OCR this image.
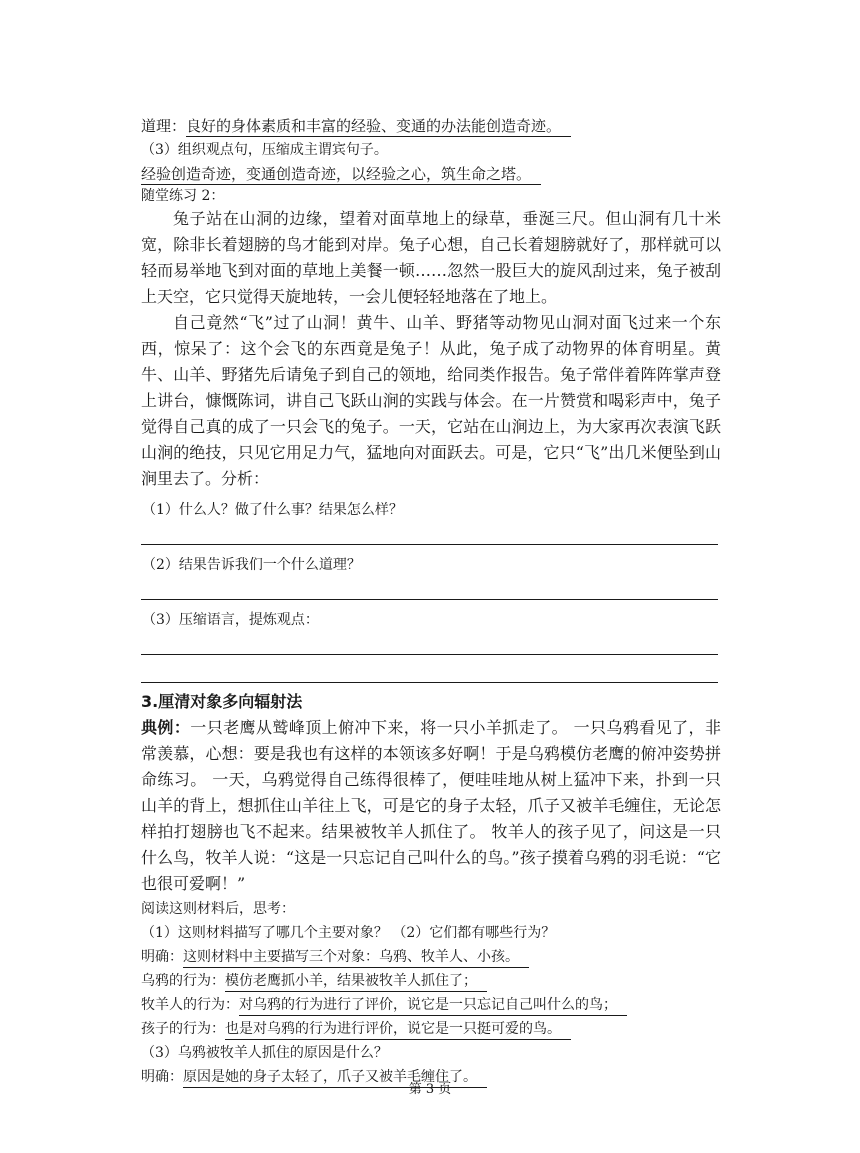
道理：良好的身体素质和丰富的经验、变通的办法能创造奇迹。
（3）组织观点句，压缩成主谓宾句子。
经验创造奇迹，变通创造奇迹，以经验之心，筑生命之塔。
随堂练习 2：

兔子站在山洞的边缘，望着对面草地上的绿草，垂涎三尺。但山洞有几十米宽，除非长着翅膀的鸟才能到对岸。兔子心想，自己长着翅膀就好了，那样就可以轻而易举地飞到对面的草地上美餐一顿……忽然一股巨大的旋风刮过来，兔子被刮上天空，它只觉得天旋地转，一会儿便轻轻地落在了地上。

自己竟然“飞”过了山洞！黄牛、山羊、野猪等动物见山洞对面飞过来一个东西，惊呆了：这个会飞的东西竟是兔子！从此，兔子成了动物界的体育明星。黄牛、山羊、野猪先后请兔子到自己的领地，给同类作报告。兔子常伴着阵阵掌声登上讲台，慷慨陈词，讲自己飞跃山涧的实践与体会。在一片赞赏和喝彩声中，兔子觉得自己真的成了一只会飞的兔子。一天，它站在山涧边上，为大家再次表演飞跃山涧的绝技，只见它用足力气，猛地向对面跃去。可是，它只“飞”出几米便坠到山涧里去了。分析：

（1）什么人？做了什么事？结果怎么样？
（2）结果告诉我们一个什么道理？
（3）压缩语言，提炼观点：
3.厘清对象多向辐射法

典例：一只老鹰从鹫峰顶上俯冲下来，将一只小羊抓走了。 一只乌鸦看见了，非常羡慕，心想：要是我也有这样的本领该多好啊！于是乌鸦模仿老鹰的俯冲姿势拼命练习。 一天，乌鸦觉得自己练得很棒了，便哇哇地从树上猛冲下来，扑到一只山羊的背上，想抓住山羊往上飞，可是它的身子太轻，爪子又被羊毛缠住，无论怎样拍打翅膀也飞不起来。结果被牧羊人抓住了。 牧羊人的孩子见了，问这是一只什么鸟，牧羊人说：“这是一只忘记自己叫什么的鸟。”孩子摸着乌鸦的羽毛说：“它也很可爱啊！”

阅读这则材料后，思考：
（1）这则材料描写了哪几个主要对象？ （2）它们都有哪些行为？
明确：这则材料中主要描写三个对象：乌鸦、牧羊人、小孩。
乌鸦的行为：模仿老鹰抓小羊，结果被牧羊人抓住了；
牧羊人的行为：对乌鸦的行为进行了评价，说它是一只忘记自己叫什么的鸟；
孩子的行为：也是对乌鸦的行为进行评价，说它是一只挺可爱的鸟。
（3）乌鸦被牧羊人抓住的原因是什么？
明确：原因是她的身子太轻了，爪子又被羊毛缠住了。
第 3 页
